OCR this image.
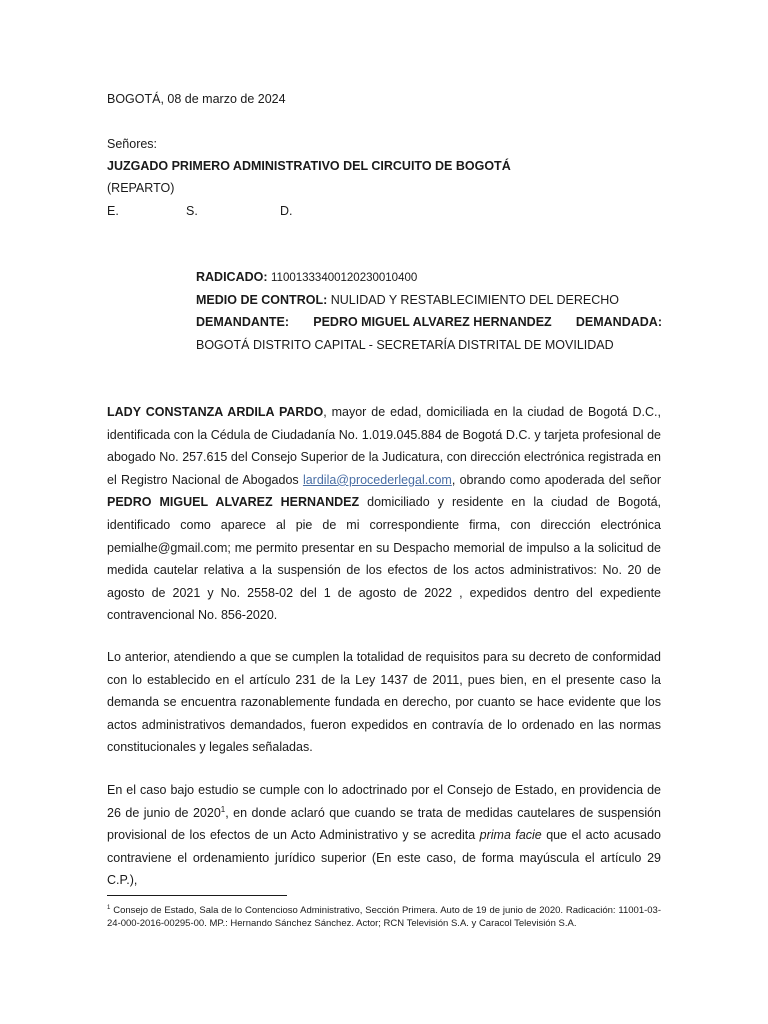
BOGOTÁ, 08 de marzo de 2024
Señores:
JUZGADO PRIMERO ADMINISTRATIVO DEL CIRCUITO DE BOGOTÁ
(REPARTO)
E.	S.	D.
RADICADO: 11001333400120230010400
MEDIO DE CONTROL: NULIDAD Y RESTABLECIMIENTO DEL DERECHO
DEMANDANTE: PEDRO MIGUEL ALVAREZ HERNANDEZ DEMANDADA:
BOGOTÁ DISTRITO CAPITAL - SECRETARÍA DISTRITAL DE MOVILIDAD
LADY CONSTANZA ARDILA PARDO, mayor de edad, domiciliada en la ciudad de Bogotá D.C., identificada con la Cédula de Ciudadanía No. 1.019.045.884 de Bogotá D.C. y tarjeta profesional de abogado No. 257.615 del Consejo Superior de la Judicatura, con dirección electrónica registrada en el Registro Nacional de Abogados lardila@procederlegal.com, obrando como apoderada del señor PEDRO MIGUEL ALVAREZ HERNANDEZ domiciliado y residente en la ciudad de Bogotá, identificado como aparece al pie de mi correspondiente firma, con dirección electrónica pemialhe@gmail.com; me permito presentar en su Despacho memorial de impulso a la solicitud de medida cautelar relativa a la suspensión de los efectos de los actos administrativos: No. 20 de agosto de 2021 y No. 2558-02 del 1 de agosto de 2022 , expedidos dentro del expediente contravencional No. 856-2020.
Lo anterior, atendiendo a que se cumplen la totalidad de requisitos para su decreto de conformidad con lo establecido en el artículo 231 de la Ley 1437 de 2011, pues bien, en el presente caso la demanda se encuentra razonablemente fundada en derecho, por cuanto se hace evidente que los actos administrativos demandados, fueron expedidos en contravía de lo ordenado en las normas constitucionales y legales señaladas.
En el caso bajo estudio se cumple con lo adoctrinado por el Consejo de Estado, en providencia de 26 de junio de 2020$^1$, en donde aclaró que cuando se trata de medidas cautelares de suspensión provisional de los efectos de un Acto Administrativo y se acredita prima facie que el acto acusado contraviene el ordenamiento jurídico superior (En este caso, de forma mayúscula el artículo 29 C.P.),
$^1$ Consejo de Estado, Sala de lo Contencioso Administrativo, Sección Primera. Auto de 19 de junio de 2020. Radicación: 11001-03-24-000-2016-00295-00. MP.: Hernando Sánchez Sánchez. Actor; RCN Televisión S.A. y Caracol Televisión S.A.
